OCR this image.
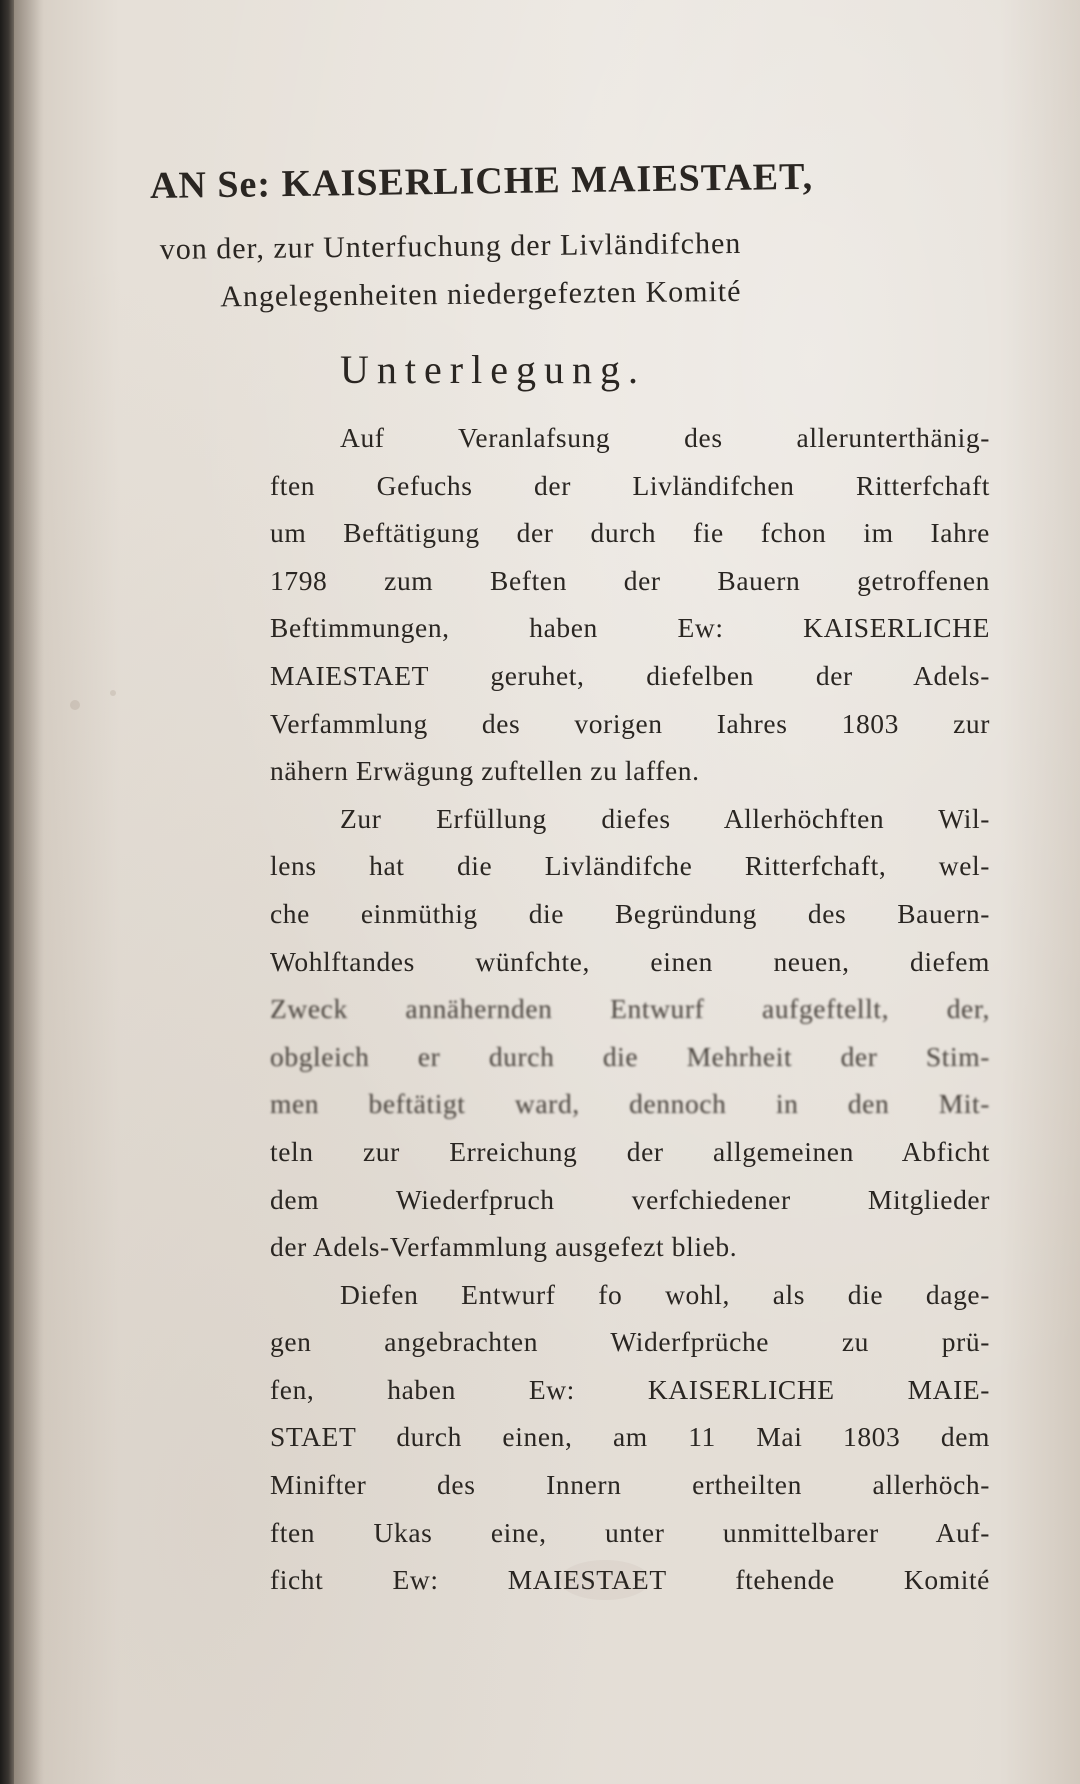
AN Se: KAISERLICHE MAIESTAET,
von der, zur Unterfuchung der Livländifchen
Angelegenheiten niedergefezten Komité
Unterlegung.
Auf Veranlafsung des allerunterthänig-
ften Gefuchs der Livländifchen Ritterfchaft
um Beftätigung der durch fie fchon im Iahre
1798 zum Beften der Bauern getroffenen
Beftimmungen, haben Ew: KAISERLICHE
MAIESTAET geruhet, diefelben der Adels-
Verfammlung des vorigen Iahres 1803 zur
nähern Erwägung zuftellen zu laffen.
Zur Erfüllung diefes Allerhöchften Wil-
lens hat die Livländifche Ritterfchaft, wel-
che einmüthig die Begründung des Bauern-
Wohlftandes wünfchte, einen neuen, diefem
Zweck annähernden Entwurf aufgeftellt, der,
obgleich er durch die Mehrheit der Stim-
men beftätigt ward, dennoch in den Mit-
teln zur Erreichung der allgemeinen Abficht
dem Wiederfpruch verfchiedener Mitglieder
der Adels-Verfammlung ausgefezt blieb.
Diefen Entwurf fo wohl, als die dage-
gen angebrachten Widerfprüche zu prü-
fen, haben Ew: KAISERLICHE MAIE-
STAET durch einen, am 11 Mai 1803 dem
Minifter des Innern ertheilten allerhöch-
ften Ukas eine, unter unmittelbarer Auf-
ficht Ew: MAIESTAET ftehende Komité
